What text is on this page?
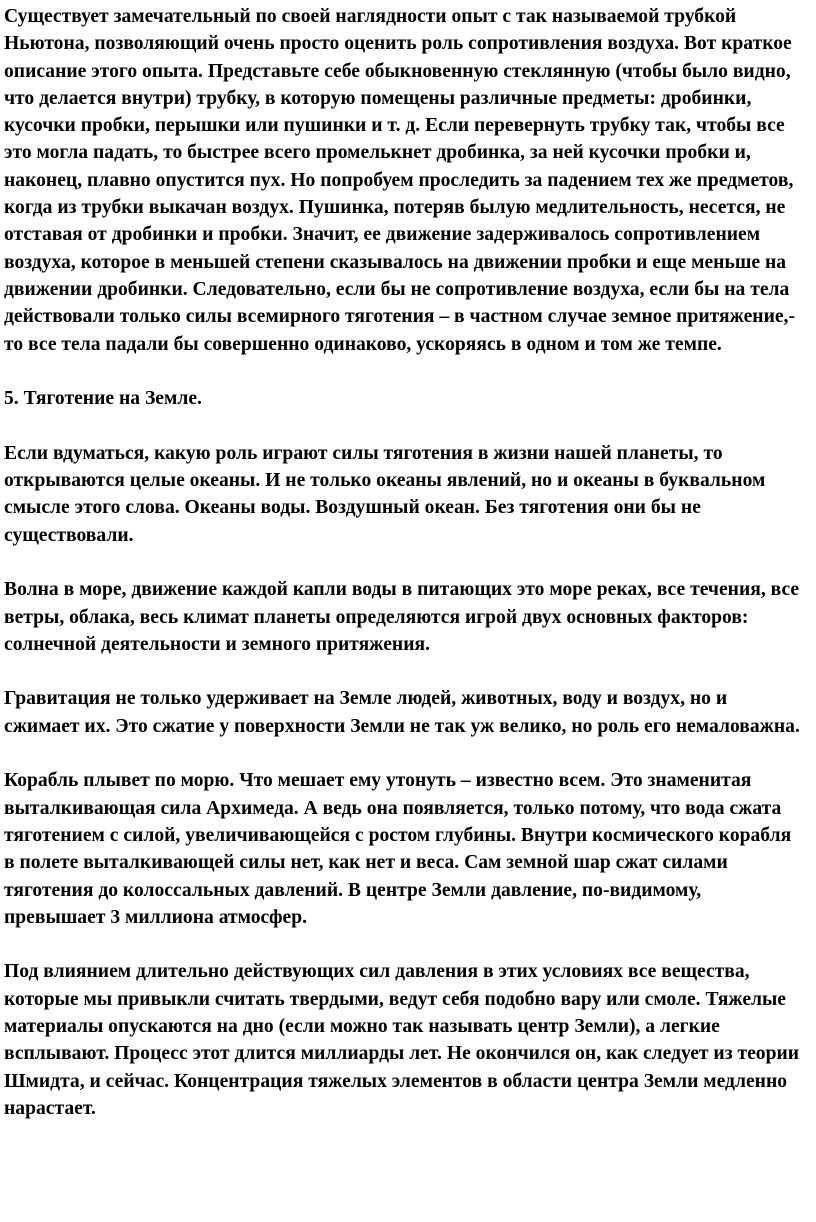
Существует замечательный по своей наглядности опыт с так называемой трубкой Ньютона, позволяющий очень просто оценить роль сопротивления воздуха. Вот краткое описание этого опыта. Представьте себе обыкновенную стеклянную (чтобы было видно, что делается внутри) трубку, в которую помещены различные предметы: дробинки, кусочки пробки, перышки или пушинки и т. д. Если перевернуть трубку так, чтобы все это могла падать, то быстрее всего промелькнет дробинка, за ней кусочки пробки и, наконец, плавно опустится пух. Но попробуем проследить за падением тех же предметов, когда из трубки выкачан воздух. Пушинка, потеряв былую медлительность, несется, не отставая от дробинки и пробки. Значит, ее движение задерживалось сопротивлением воздуха, которое в меньшей степени сказывалось на движении пробки и еще меньше на движении дробинки. Следовательно, если бы не сопротивление воздуха, если бы на тела действовали только силы всемирного тяготения – в частном случае земное притяжение,- то все тела падали бы совершенно одинаково, ускоряясь в одном и том же темпе.

5. Тяготение на Земле.

Если вдуматься, какую роль играют силы тяготения в жизни нашей планеты, то открываются целые океаны. И не только океаны явлений, но и океаны в буквальном смысле этого слова. Океаны воды. Воздушный океан. Без тяготения они бы не существовали.

Волна в море, движение каждой капли воды в питающих это море реках, все течения, все ветры, облака, весь климат планеты определяются игрой двух основных факторов: солнечной деятельности и земного притяжения.

Гравитация не только удерживает на Земле людей, животных, воду и воздух, но и сжимает их. Это сжатие у поверхности Земли не так уж велико, но роль его немаловажна.

Корабль плывет по морю. Что мешает ему утонуть – известно всем. Это знаменитая выталкивающая сила Архимеда. А ведь она появляется, только потому, что вода сжата тяготением с силой, увеличивающейся с ростом глубины. Внутри космического корабля в полете выталкивающей силы нет, как нет и веса. Сам земной шар сжат силами тяготения до колоссальных давлений. В центре Земли давление, по-видимому, превышает 3 миллиона атмосфер.

Под влиянием длительно действующих сил давления в этих условиях все вещества, которые мы привыкли считать твердыми, ведут себя подобно вару или смоле. Тяжелые материалы опускаются на дно (если можно так называть центр Земли), а легкие всплывают. Процесс этот длится миллиарды лет. Не окончился он, как следует из теории Шмидта, и сейчас. Концентрация тяжелых элементов в области центра Земли медленно нарастает.
